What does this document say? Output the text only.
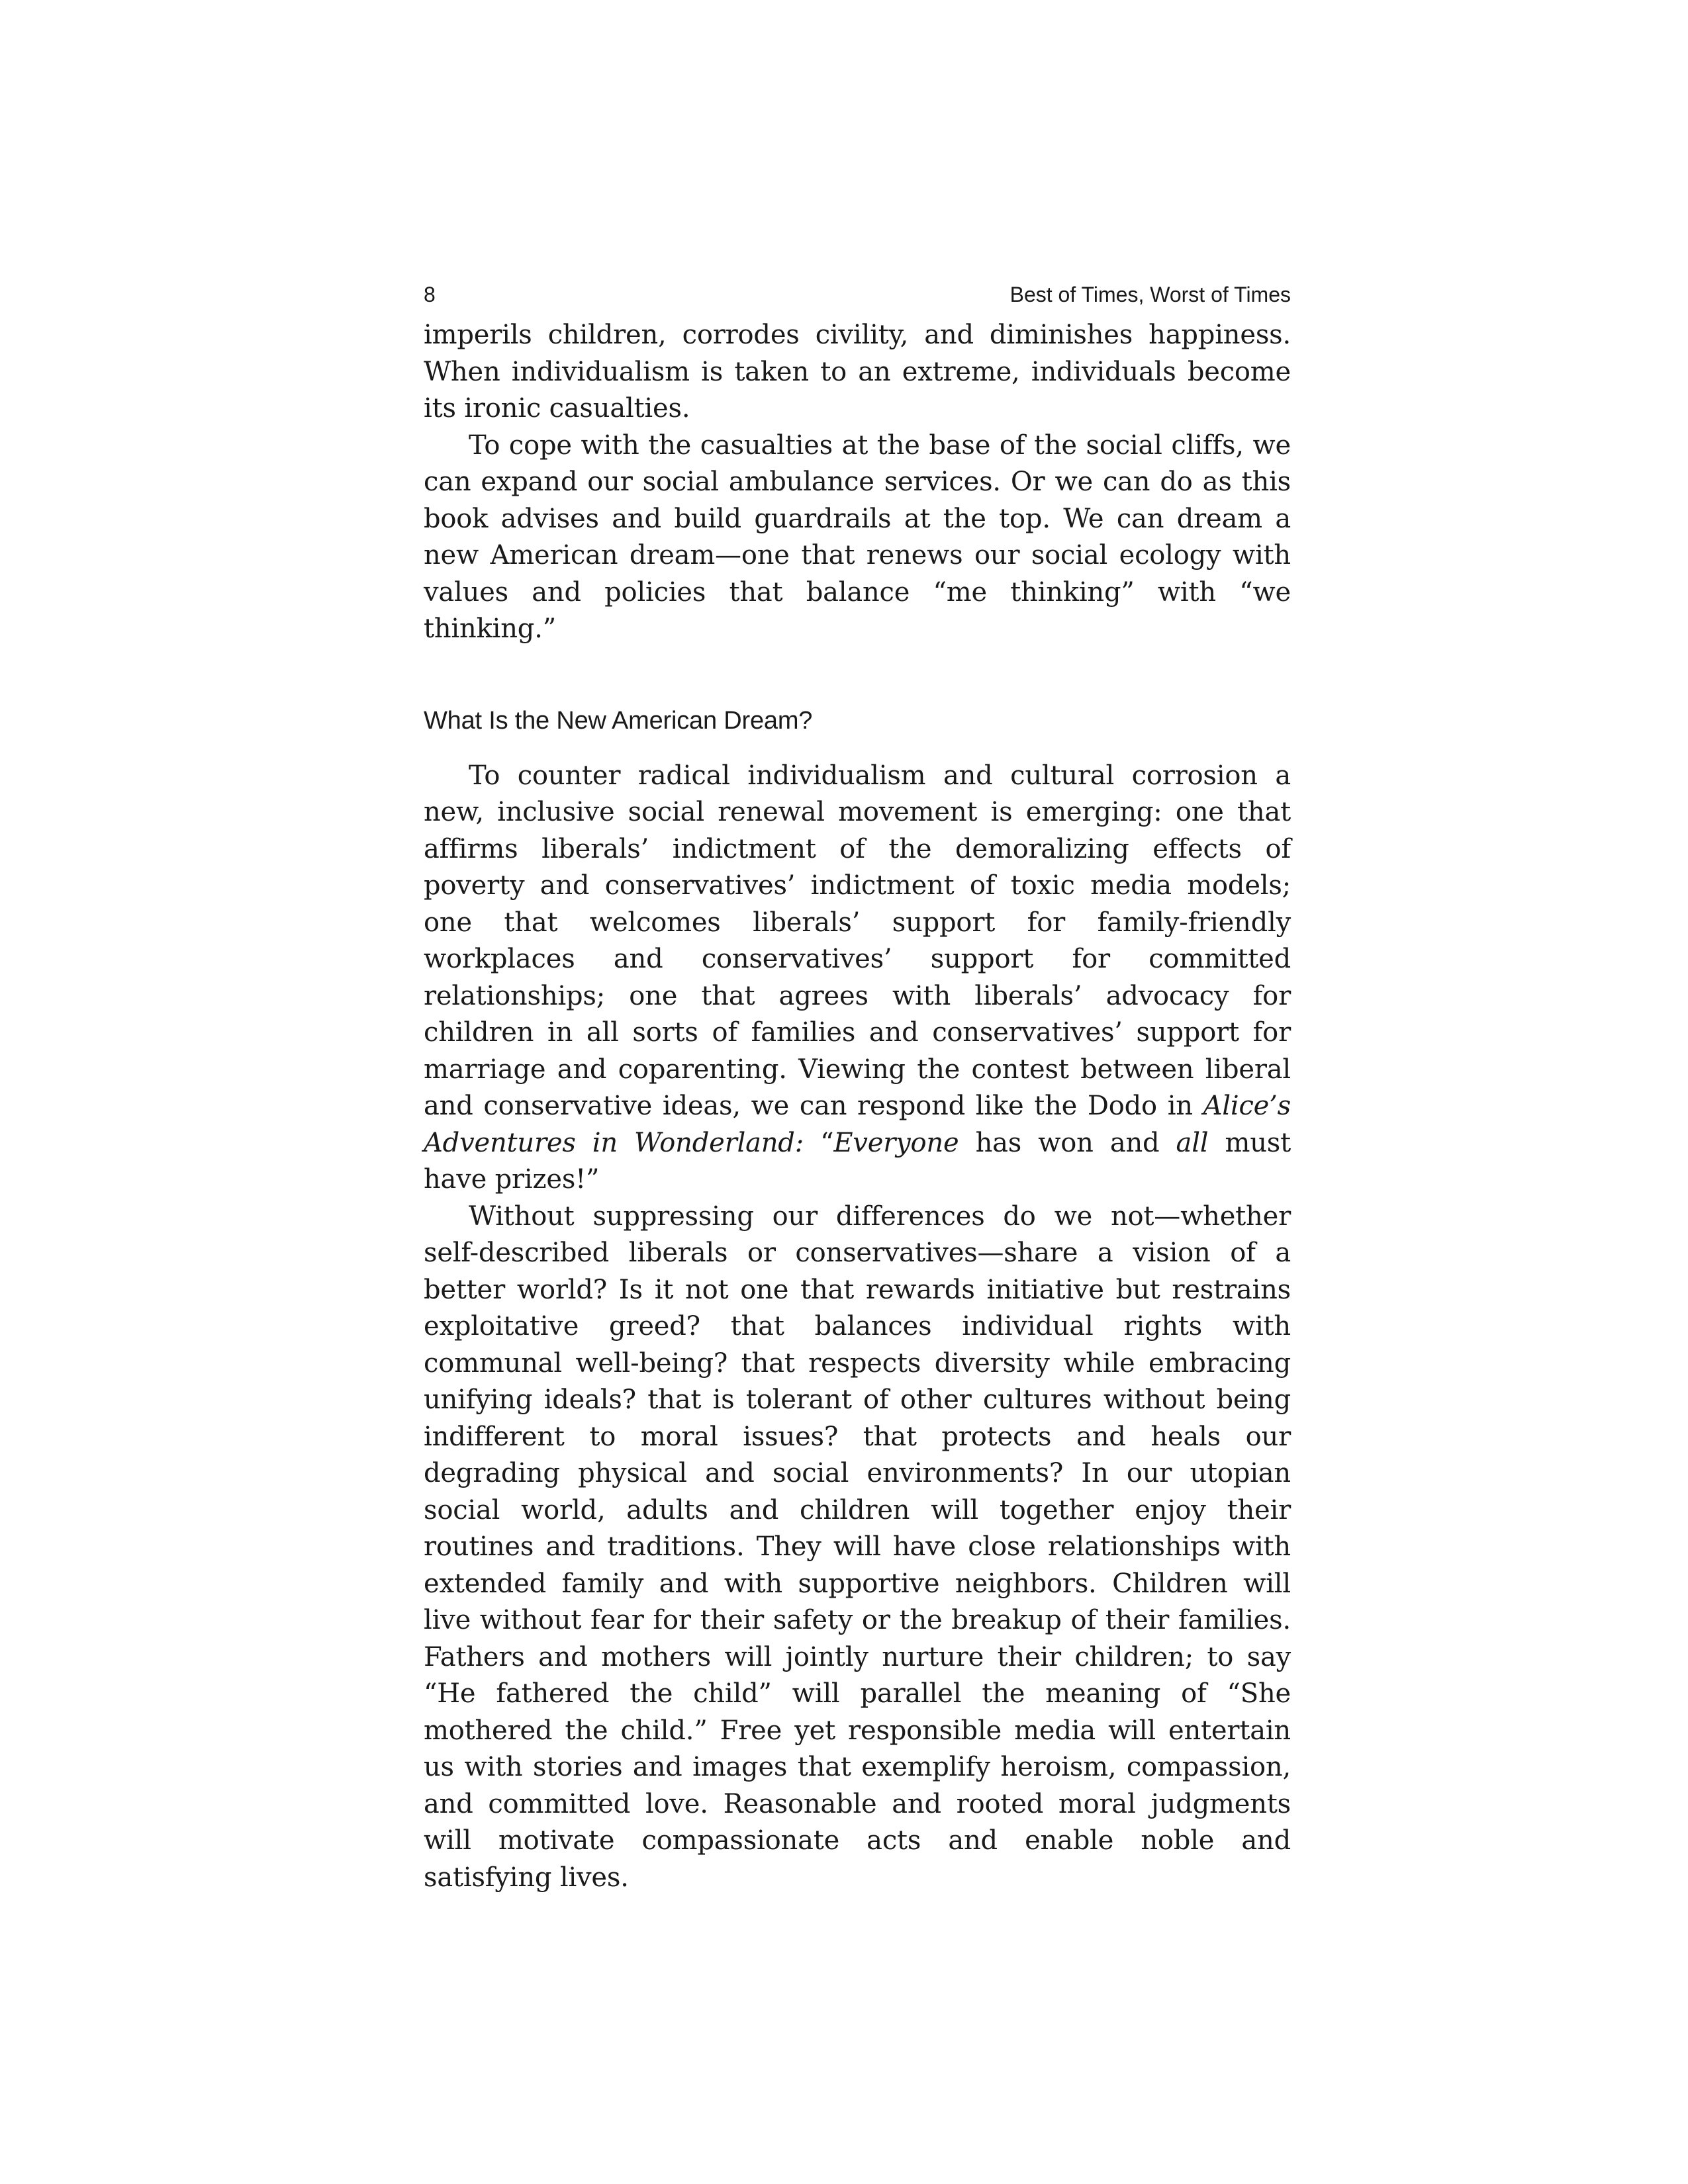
8	Best of Times, Worst of Times

imperils children, corrodes civility, and diminishes happiness. When individualism is taken to an extreme, individuals become its ironic casualties.

To cope with the casualties at the base of the social cliffs, we can expand our social ambulance services. Or we can do as this book advises and build guardrails at the top. We can dream a new American dream—one that renews our social ecology with values and policies that balance “me thinking” with “we thinking.”

What Is the New American Dream?

To counter radical individualism and cultural corrosion a new, inclusive social renewal movement is emerging: one that affirms liberals’ indictment of the demoralizing effects of poverty and conservatives’ indictment of toxic media models; one that welcomes liberals’ support for family-friendly workplaces and conservatives’ support for committed relationships; one that agrees with liberals’ advocacy for children in all sorts of families and conservatives’ support for marriage and coparenting. Viewing the contest between liberal and conservative ideas, we can respond like the Dodo in Alice’s Adventures in Wonderland: “Everyone has won and all must have prizes!”

Without suppressing our differences do we not—whether self-described liberals or conservatives—share a vision of a better world? Is it not one that rewards initiative but restrains exploitative greed? that balances individual rights with communal well-being? that respects diversity while embracing unifying ideals? that is tolerant of other cultures without being indifferent to moral issues? that protects and heals our degrading physical and social environments? In our utopian social world, adults and children will together enjoy their routines and traditions. They will have close relationships with extended family and with supportive neighbors. Children will live without fear for their safety or the breakup of their families. Fathers and mothers will jointly nurture their children; to say “He fathered the child” will parallel the meaning of “She mothered the child.” Free yet responsible media will entertain us with stories and images that exemplify heroism, compassion, and committed love. Reasonable and rooted moral judgments will motivate compassionate acts and enable noble and satisfying lives.
